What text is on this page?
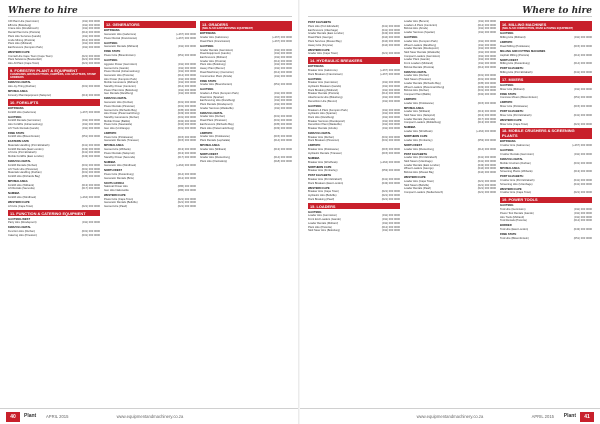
Where to hire
CR Plant Hire (Germiston)	(011) 000 0000
EB Hire (Boksburg)	(011) 000 0000
Crane Hire (Rondebosch)	(011) 000 0000
Rental Plant Hire (Pretoria)	(012) 000 0000
Plant Hire Services (Isando)	(011) 000 0000
Linde Mining (Pretoria)	(012) 000 0000
Plant Hire (Midrand)	(011) 000 0000
Earthmovers (Kempton Park)	(011) 000 0000
WESTERN CAPE
Conrad Hire Cape Town (Cape Town)	(021) 000 0000
Plant Solutions (Brackenfell)	(021) 000 0000
Hire All Plant (Cape Town)	(021) 000 0000
9. FORESTRY PLANT & EQUIPMENT
CHAINSAWS, BRUSHCUTTERS, CHIPPERS, LOG SPLITTERS, STUMP GRINDERS
KWAZULU-NATAL
Hire-Ay-Thing (Durban)	(031) 000 0000
MPUMALANGA
Forestry Plant Equipment (Nelspruit)	(013) 000 0000
10. FORKLIFTS
BOTSWANA
Forklift Hire (Gaborone)	(+267) 000 0000
GAUTENG
Forklift Rentals (Germiston)	(011) 000 0000
Hire Forklifts (Johannesburg)	(011) 000 0000
Lift Truck Rentals (Isando)	(011) 000 0000
FREE STATE
Forklift Hire (Bloemfontein)	(051) 000 0000
EASTERN CAPE
Materials Handling (Port Elizabeth)	(041) 000 0000
Forklift Rentals (East London)	(043) 000 0000
Lift Hire (Port Elizabeth)	(041) 000 0000
Mobile Forklifts (East London)	(043) 000 0000
KWAZULU-NATAL
Forklift Rentals (Durban)	(031) 000 0000
Lift Truck Hire (Pinetown)	(031) 000 0000
Materials Handling (Durban)	(031) 000 0000
Forklift Hire (Richards Bay)	(035) 000 0000
MPUMALANGA
Forklift Hire (Witbank)	(013) 000 0000
Lift Rentals (Secunda)	(017) 000 0000
NAMIBIA
Forklift Hire (Windhoek)	(+264) 000 0000
WESTERN CAPE
Lift Hire (Cape Town)	(021) 000 0000
11. FUNCTION & CATERING EQUIPMENT
GAUTENG-WEST
Party Hire (Roodepoort)	(011) 000 0000
KWAZULU-NATAL
Function Hire (Durban)	(031) 000 0000
Catering Hire (Pinetown)	(031) 000 0000
12. GENERATORS
BOTSWANA
Generator Hire (Gaborone)	(+267) 000 0000
Power Rental (Francistown)	(+267) 000 0000
GAUTENG
Generator Rentals (Midrand)	(011) 000 0000
FREE STATE
Power Hire (Bloemfontein)	(051) 000 0000
GAUTENG
Aggreko Power (Germiston)	(011) 000 0000
Genset Hire (Isando)	(011) 000 0000
Power Rental (Johannesburg)	(011) 000 0000
Generator Hire (Pretoria)	(012) 000 0000
Hire Power (Kempton Park)	(011) 000 0000
Mobile Generators (Midrand)	(011) 000 0000
Standby Power (Centurion)	(012) 000 0000
Power Plant Hire (Boksburg)	(011) 000 0000
Gen Rentals (Randburg)	(011) 000 0000
KWAZULU-NATAL
Generator Hire (Durban)	(031) 000 0000
Power Rentals (Pinetown)	(031) 000 0000
Genset Hire (Richards Bay)	(035) 000 0000
Hire Power (Pietermaritzburg)	(033) 000 0000
Standby Generators (Durban)	(031) 000 0000
Mobile Power (Ballito)	(032) 000 0000
Power Hire (Newcastle)	(034) 000 0000
Gen Hire (Umhlanga)	(031) 000 0000
LIMPOPO
Power Hire (Polokwane)	(015) 000 0000
Generator Rentals (Tzaneen)	(015) 000 0000
MPUMALANGA
Genset Hire (Witbank)	(013) 000 0000
Power Rentals (Nelspruit)	(013) 000 0000
Standby Power (Secunda)	(017) 000 0000
NAMIBIA
Generator Hire (Windhoek)	(+264) 000 0000
NORTH WEST
Power Hire (Rustenburg)	(014) 000 0000
Generator Rentals (Brits)	(012) 000 0000
SOUTH AFRICA
National Power Hire	(086) 000 0000
Gen Hire Nationwide	(086) 000 0000
WESTERN CAPE
Power Hire (Cape Town)	(021) 000 0000
Generator Rentals (Bellville)	(021) 000 0000
Genset Hire (Paarl)	(021) 000 0000
13. GRADERS
(SEE ALSO EARTHMOVING EQUIPMENT)
BOTSWANA
Grader Hire (Gaborone)	(+267) 000 0000
Road Plant (Francistown)	(+267) 000 0000
GAUTENG
Grader Rentals (Germiston)	(011) 000 0000
Road Equipment (Isando)	(011) 000 0000
Earthmovers (Midrand)	(011) 000 0000
Grader Hire (Pretoria)	(012) 000 0000
Plant Hire (Boksburg)	(011) 000 0000
Heavy Plant (Benoni)	(011) 000 0000
Road Machinery (Centurion)	(012) 000 0000
Construction Plant (Alrode)	(011) 000 0000
FREE STATE
Grader Hire (Bloemfontein)	(051) 000 0000
GAUTENG
Graders & Plant (Kempton Park)	(011) 000 0000
Road Hire (Spartan)	(011) 000 0000
Earthmoving Hire (Randburg)	(011) 000 0000
Plant Rentals (Roodepoort)	(011) 000 0000
Grader Services (Wadeville)	(011) 000 0000
KWAZULU-NATAL
Grader Hire (Durban)	(031) 000 0000
Road Plant (Pinetown)	(031) 000 0000
Earthmovers (Richards Bay)	(035) 000 0000
Plant Hire (Pietermaritzburg)	(033) 000 0000
LIMPOPO
Grader Hire (Polokwane)	(015) 000 0000
Plant Rentals (Lephalale)	(014) 000 0000
MPUMALANGA
Grader Hire (Witbank)	(013) 000 0000
NORTH WEST
Grader Hire (Rustenburg)	(014) 000 0000
Plant Hire (Klerksdorp)	(018) 000 0000
40	Plant APRIL 2015	www.equipmentandmachinery.co.za
Where to hire
POST ELIZABETH
Plant Hire (Port Elizabeth)	(041) 000 0000
Earthmovers (Uitenhage)	(041) 000 0000
Grader Rentals (East London)	(043) 000 0000
Road Plant (George)	(044) 000 0000
Plant Services (Mossel Bay)	(044) 000 0000
Heavy Hire (Knysna)	(044) 000 0000
WESTERN CAPE
Grader Hire (Cape Town)	(021) 000 0000
14. HYDRAULIC BREAKERS
BOTSWANA
Breaker Hire (Gaborone)	(+267) 000 0000
Rock Breakers (Francistown)	(+267) 000 0000
GAUTENG
Breaker Hire (Germiston)	(011) 000 0000
Hydraulic Breakers (Isando)	(011) 000 0000
Rock Breaking (Midrand)	(011) 000 0000
Breaker Rentals (Pretoria)	(012) 000 0000
Attachments Hire (Boksburg)	(011) 000 0000
Demolition Hire (Benoni)	(011) 000 0000
GAUTENG
Breakers & Plant (Kempton Park)	(011) 000 0000
Hydraulic Hire (Spartan)	(011) 000 0000
Rock Hire (Randburg)	(011) 000 0000
Breaker Services (Roodepoort)	(011) 000 0000
Demolition Plant (Wadeville)	(011) 000 0000
Breaker Rentals (Alrode)	(011) 000 0000
KWAZULU-NATAL
Breaker Hire (Durban)	(031) 000 0000
Rock Breakers (Pinetown)	(031) 000 0000
LIMPOPO
Breaker Hire (Polokwane)	(015) 000 0000
Hydraulic Rentals (Tzaneen)	(015) 000 0000
NAMIBIA
Breaker Hire (Windhoek)	(+264) 000 0000
NORTHERN CAPE
Breaker Hire (Kimberley)	(053) 000 0000
POST ELIZABETH
Breaker Hire (Port Elizabeth)	(041) 000 0000
Rock Breakers (East London)	(043) 000 0000
WESTERN CAPE
Breaker Hire (Cape Town)	(021) 000 0000
Hydraulic Hire (Bellville)	(021) 000 0000
Rock Breaking (Paarl)	(021) 000 0000
15. LOADERS
GAUTENG
Loader Hire (Germiston)	(011) 000 0000
Front End Loaders (Isando)	(011) 000 0000
Loader Rentals (Midrand)	(011) 000 0000
Plant Hire (Pretoria)	(012) 000 0000
Skid Steer Hire (Boksburg)	(011) 000 0000
Loader Hire (Benoni)	(011) 000 0000
Loaders & Plant (Centurion)	(012) 000 0000
Bobcat Hire (Alrode)	(011) 000 0000
Loader Services (Spartan)	(011) 000 0000
GAUTENG
Loader Hire (Kempton Park)	(011) 000 0000
Wheel Loaders (Randburg)	(011) 000 0000
Loader Rentals (Roodepoort)	(011) 000 0000
Skid Steer Rentals (Wadeville)	(011) 000 0000
Compact Loaders (Germiston)	(011) 000 0000
Loader Plant (Isando)	(011) 000 0000
Front Loaders (Midrand)	(011) 000 0000
Bobcat Rentals (Pretoria)	(012) 000 0000
KWAZULU-NATAL
Loader Hire (Durban)	(031) 000 0000
Skid Steers (Pinetown)	(031) 000 0000
Loader Rentals (Richards Bay)	(035) 000 0000
Wheel Loaders (Pietermaritzburg)	(033) 000 0000
Bobcat Hire (Durban)	(031) 000 0000
Compact Plant (Ballito)	(032) 000 0000
LIMPOPO
Loader Hire (Polokwane)	(015) 000 0000
MPUMALANGA
Loader Hire (Witbank)	(013) 000 0000
Skid Steer Hire (Nelspruit)	(013) 000 0000
Loader Rentals (Secunda)	(017) 000 0000
Compact Loaders (Middelburg)	(013) 000 0000
NAMIBIA
Loader Hire (Windhoek)	(+264) 000 0000
NORTHERN CAPE
Loader Hire (Kimberley)	(053) 000 0000
NORTH WEST
Loader Hire (Rustenburg)	(014) 000 0000
POST ELIZABETH
Loader Hire (Port Elizabeth)	(041) 000 0000
Skid Steers (Uitenhage)	(041) 000 0000
Loader Rentals (East London)	(043) 000 0000
Wheel Loaders (George)	(044) 000 0000
Bobcat Hire (Mossel Bay)	(044) 000 0000
WESTERN CAPE
Loader Hire (Cape Town)	(021) 000 0000
Skid Steers (Bellville)	(021) 000 0000
Loader Rentals (Paarl)	(021) 000 0000
Compact Loaders (Stellenbosch)	(021) 000 0000
16. MILLING MACHINES
(SEE ALSO COMPACTION, ROAD & PAVING EQUIPMENT)
GAUTENG
Milling Hire (Midrand)	(011) 000 0000
LIMPOPO
Road Milling (Polokwane)	(015) 000 0000
MILLING AND CUTTING MACHINES
Asphalt Milling (Pretoria)	(012) 000 0000
NORTH WEST
Milling Hire (Rustenburg)	(014) 000 0000
PORT ELIZABETH
Milling Hire (Port Elizabeth)	(041) 000 0000
17. MIXERS
GAUTENG
Mixer Hire (Midrand)	(011) 000 0000
FREE STATE
Concrete Mixers (Bloemfontein)	(051) 000 0000
LIMPOPO
Mixer Hire (Polokwane)	(015) 000 0000
PORT ELIZABETH
Mixer Hire (Port Elizabeth)	(041) 000 0000
WESTERN CAPE
Mixer Hire (Cape Town)	(021) 000 0000
18. MOBILE CRUSHERS & SCREENING PLANTS
BOTSWANA
Crusher Hire (Gaborone)	(+267) 000 0000
GAUTENG
Crusher Rentals (Germiston)	(011) 000 0000
KWAZULU-NATAL
Mobile Crushers (Durban)	(031) 000 0000
MPUMALANGA
Screening Plants (Witbank)	(013) 000 0000
PORT ELIZABETH
Crusher Hire (Port Elizabeth)	(041) 000 0000
Screening Hire (Uitenhage)	(041) 000 0000
WESTERN CAPE
Crusher Hire (Cape Town)	(021) 000 0000
19. POWER TOOLS
GAUTENG
Tool Hire (Germiston)	(011) 000 0000
Power Tool Rentals (Isando)	(011) 000 0000
Hire Tools (Midrand)	(011) 000 0000
Tool Rentals (Pretoria)	(012) 000 0000
BORDER
Tool Hire (East London)	(043) 000 0000
FREE STATE
Tool Hire (Bloemfontein)	(051) 000 0000
41
Plant
APRIL 2015
www.equipmentandmachinery.co.za
